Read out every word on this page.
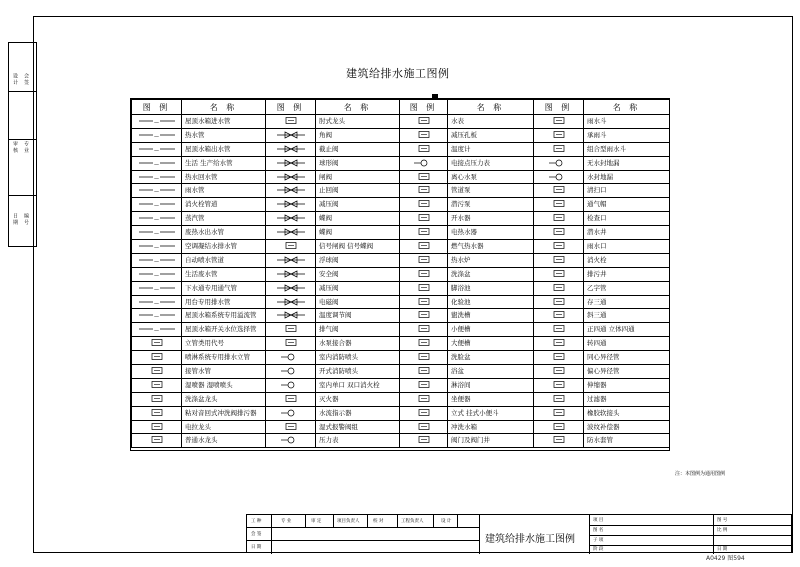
设 计 会 签
审 核 专 业
日 期 编 号
建筑给排水施工图例
图 例	名 称	图 例	名 称	图 例	名 称	图 例	名 称

—	屋顶水箱进水管		肘式龙头		水表		雨水斗

—	热水管		角阀		减压孔板		承雨斗

—	屋顶水箱出水管		截止阀		温度计		组合型雨水斗

—	生活 生产给水管		球形阀		电接点压力表		无水封地漏

—	热水回水管		闸阀		离心水泵		水封地漏

—	雨水管		止回阀		管道泵		清扫口

—	消火栓管道		减压阀		潜污泵		通气帽

—	蒸汽管		蝶阀		开水器		检查口

—	废热水出水管		蝶阀		电热水器		潜水井

—	空调凝结水排水管		信号闸阀 信号蝶阀		燃气热水器		雨水口

—	自动喷水管道		浮球阀		热水炉		消火栓

—	生活废水管		安全阀		洗涤盆		排污井

—	下水通专用通气管		减压阀		脚浴池		乙字管

—	用台专用排水管		电磁阀		化验池		存三通

—	屋顶水箱系统专用溢流管		温度调节阀		盥洗槽		斜三通

—	屋顶水箱开关水位选择管		排气阀		小便槽		正四通 立体四通
	立管类用代号		水泵接合器		大便槽		转四通
	喷淋系统专用排水立管		室内消防喷头		洗脸盆		同心异径管
	接管水管		开式消防喷头		浴盆		偏心异径管
	湿喷器 湿喷喷头		室内单口 双口消火栓		淋浴间		伸缩器
	洗涤盆龙头		灭火器		坐便器		过滤器
	粘对音回式冲洗阀排污器		水流指示器		立式 挂式小便斗		橡胶软接头
	电拉龙头		湿式报警阀组		冲洗水箱		波纹补偿器
	普通水龙头		压力表		阀门及阀门井		防水套管
注：本图例为通用图例
工 种	专 业	审 定	项目负责人	校 对	工程负责人	设 计
会 签
日 期
建筑给排水施工图例
项 目
图 名
子 项
阶 段
图 号
比 例
日 期
A0429 图594
